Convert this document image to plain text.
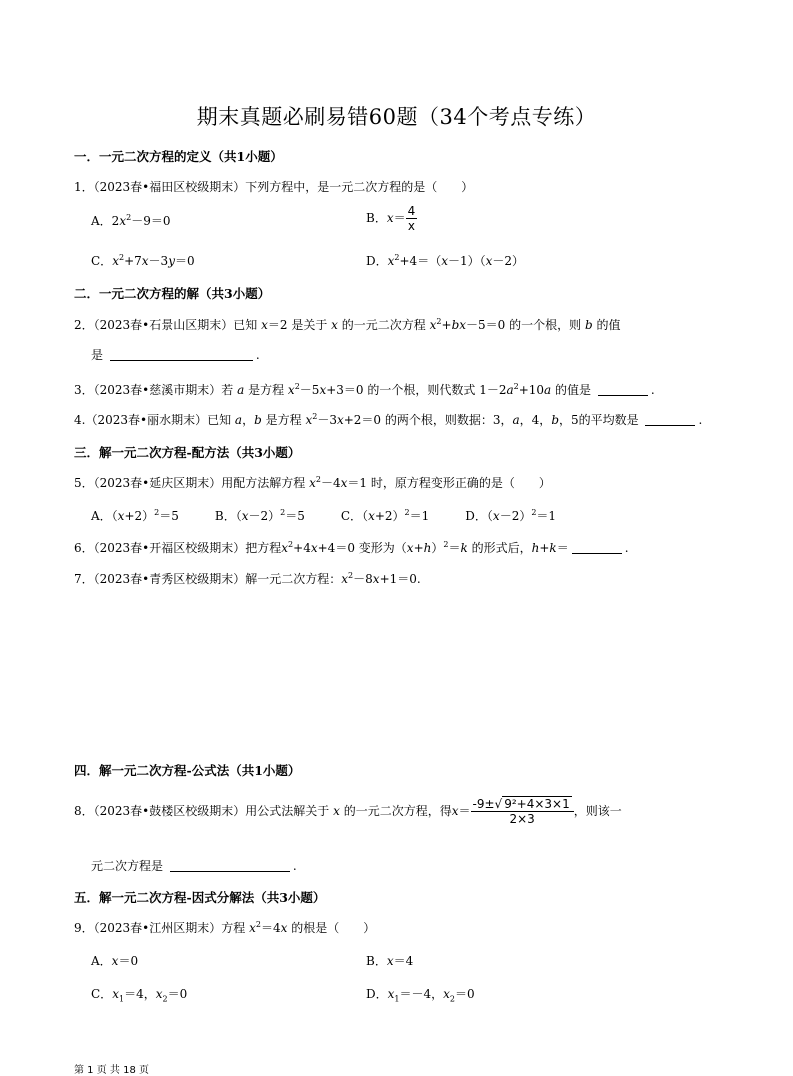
期末真题必刷易错60题（34个考点专练）
一．一元二次方程的定义（共1小题）
1．（2023春•福田区校级期末）下列方程中，是一元二次方程的是（　　）
A．$2x^2-9=0$	B．$x= \frac{4}{x}$
C．$x^2+7x-3y=0$	D．$x^2+4=(x-1)(x-2)$
二．一元二次方程的解（共3小题）
2．（2023春•石景山区期末）已知 x＝2 是关于 x 的一元二次方程 $x^2+bx-5=0$ 的一个根，则 b 的值
是	.
3．（2023春•慈溪市期末）若 a 是方程 $x^2-5x+3=0$ 的一个根，则代数式 $1-2a^2+10a$ 的值是	.
4.（2023春•丽水期末）已知 a，b 是方程 $x^2-3x+2=0$ 的两个根，则数据：3，a，4，b，5的平均数是	.
三．解一元二次方程-配方法（共3小题）
5．（2023春•延庆区期末）用配方法解方程 $x^2-4x=1$ 时，原方程变形正确的是（　　）
A．$(x+2)^2=5$　　　B．$(x-2)^2=5$　　　C．$(x+2)^2=1$　　　D．$(x-2)^2=1$
6．（2023春•开福区校级期末）把方程$x^2+4x+4=0$ 变形为$(x+h)^2=k$ 的形式后，h+k＝	.
7．（2023春•青秀区校级期末）解一元二次方程：$x^2-8x+1=0$.
四．解一元二次方程-公式法（共1小题）
8．（2023春•鼓楼区校级期末）用公式法解关于 x 的一元二次方程，得$x= \frac{\text{-9±√ 9²+4×3×1}}{2\times 3}$ ，则该一
元二次方程是	.
五．解一元二次方程-因式分解法（共3小题）
9．（2023春•江州区期末）方程 $x^2=4x$ 的根是（　　）
A．x＝0	B．x＝4
C．$x_1=4$，$x_2=0$	D．$x_1=-4$，$x_2=0$
第 1 页 共 18 页
